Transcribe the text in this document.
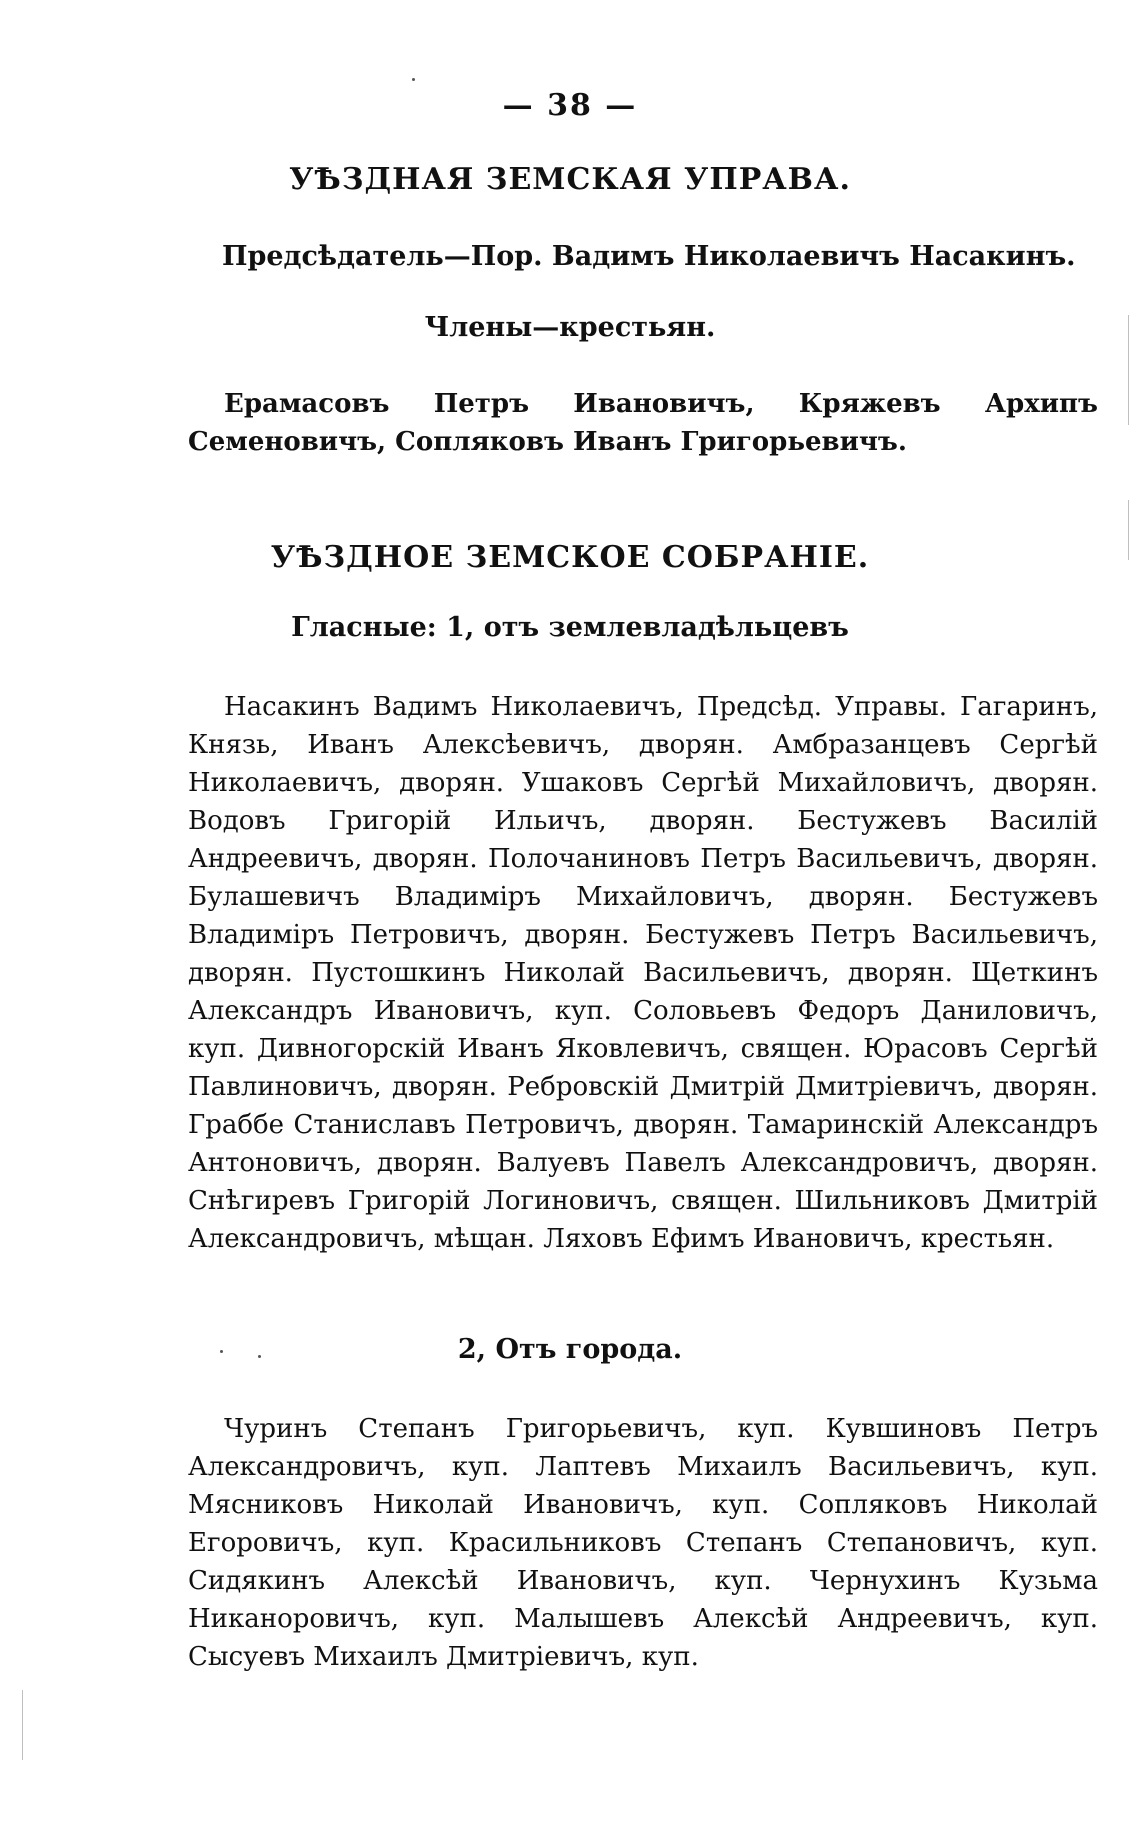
— 38 —
УѢЗДНАЯ ЗЕМСКАЯ УПРАВА.
Предсѣдатель—Пор. Вадимъ Николаевичъ Насакинъ.
Члены—крестьян.
Ерамасовъ Петръ Ивановичъ, Кряжевъ Архипъ Семеновичъ, Сопляковъ Иванъ Григорьевичъ.
УѢЗДНОЕ ЗЕМСКОЕ СОБРАНІЕ.
Гласные: 1, отъ землевладѣльцевъ
Насакинъ Вадимъ Николаевичъ, Предсѣд. Управы. Гагаринъ, Князь, Иванъ Алексѣевичъ, дворян. Амбразанцевъ Сергѣй Николаевичъ, дворян. Ушаковъ Сергѣй Михайловичъ, дворян. Водовъ Григорій Ильичъ, дворян. Бестужевъ Василій Андреевичъ, дворян. Полочаниновъ Петръ Васильевичъ, дворян. Булашевичъ Владиміръ Михайловичъ, дворян. Бестужевъ Владиміръ Петровичъ, дворян. Бестужевъ Петръ Васильевичъ, дворян. Пустошкинъ Николай Васильевичъ, дворян. Щеткинъ Александръ Ивановичъ, куп. Соловьевъ Федоръ Даниловичъ, куп. Дивногорскій Иванъ Яковлевичъ, священ. Юрасовъ Сергѣй Павлиновичъ, дворян. Ребровскій Дмитрій Дмитріевичъ, дворян. Граббе Станиславъ Петровичъ, дворян. Тамаринскій Александръ Антоновичъ, дворян. Валуевъ Павелъ Александровичъ, дворян. Снѣгиревъ Григорій Логиновичъ, священ. Шильниковъ Дмитрій Александровичъ, мѣщан. Ляховъ Ефимъ Ивановичъ, крестьян.
2, Отъ города.
Чуринъ Степанъ Григорьевичъ, куп. Кувшиновъ Петръ Александровичъ, куп. Лаптевъ Михаилъ Васильевичъ, куп. Мясниковъ Николай Ивановичъ, куп. Сопляковъ Николай Егоровичъ, куп. Красильниковъ Степанъ Степановичъ, куп. Сидякинъ Алексѣй Ивановичъ, куп. Чернухинъ Кузьма Никаноровичъ, куп. Малышевъ Алексѣй Андреевичъ, куп. Сысуевъ Михаилъ Дмитріевичъ, куп.
